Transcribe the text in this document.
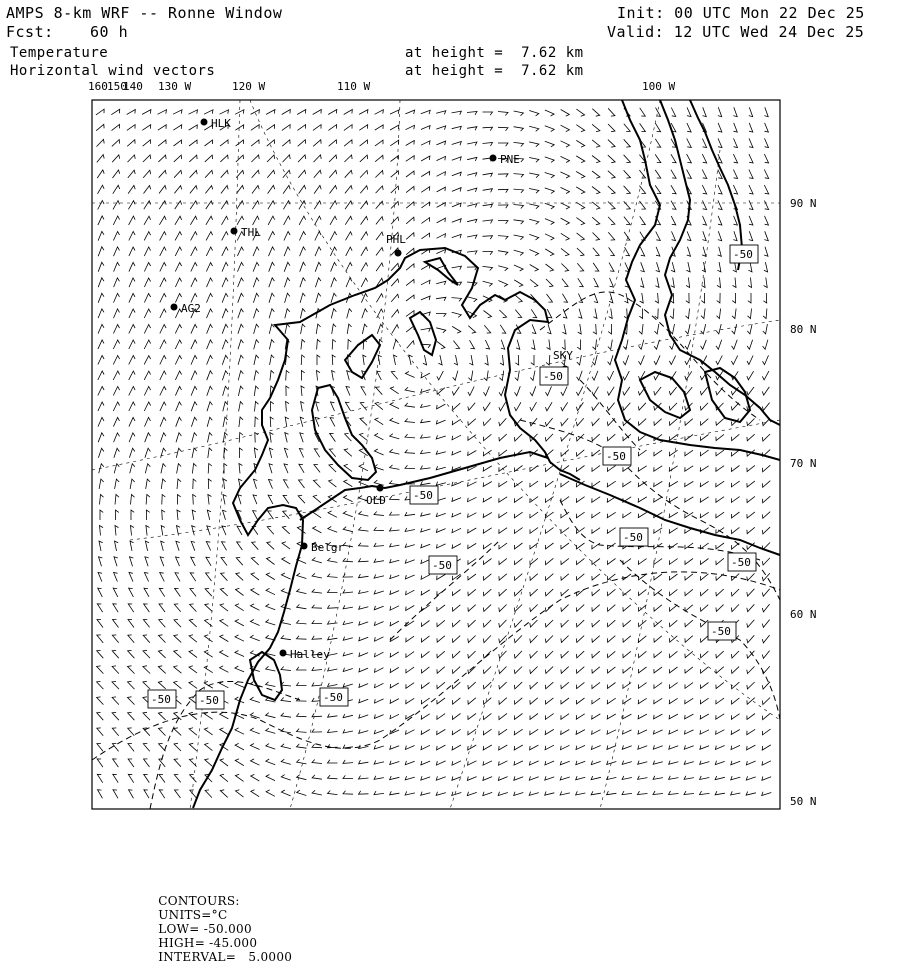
AMPS 8-km WRF -- Ronne Window
Fcst: 60 h
Init: 00 UTC Mon 22 Dec 25
Valid: 12 UTC Wed 24 Dec 25
Temperature
Horizontal wind vectors
at height =  7.62 km
at height =  7.62 km
HLK
PNE
THL
PHL
AG2
SKY
OLD
Belgr
Halley
-50	-50	-50
-50
-50
-50
-50
-50
-50
-50
-50
160 150
140 130 W	120 W	110 W	100 W
90 N
80 N
70 N
60 N
50 N

CONTOURS:
UNITS=°C
LOW= -50.000
HIGH= -45.000
INTERVAL=   5.0000
